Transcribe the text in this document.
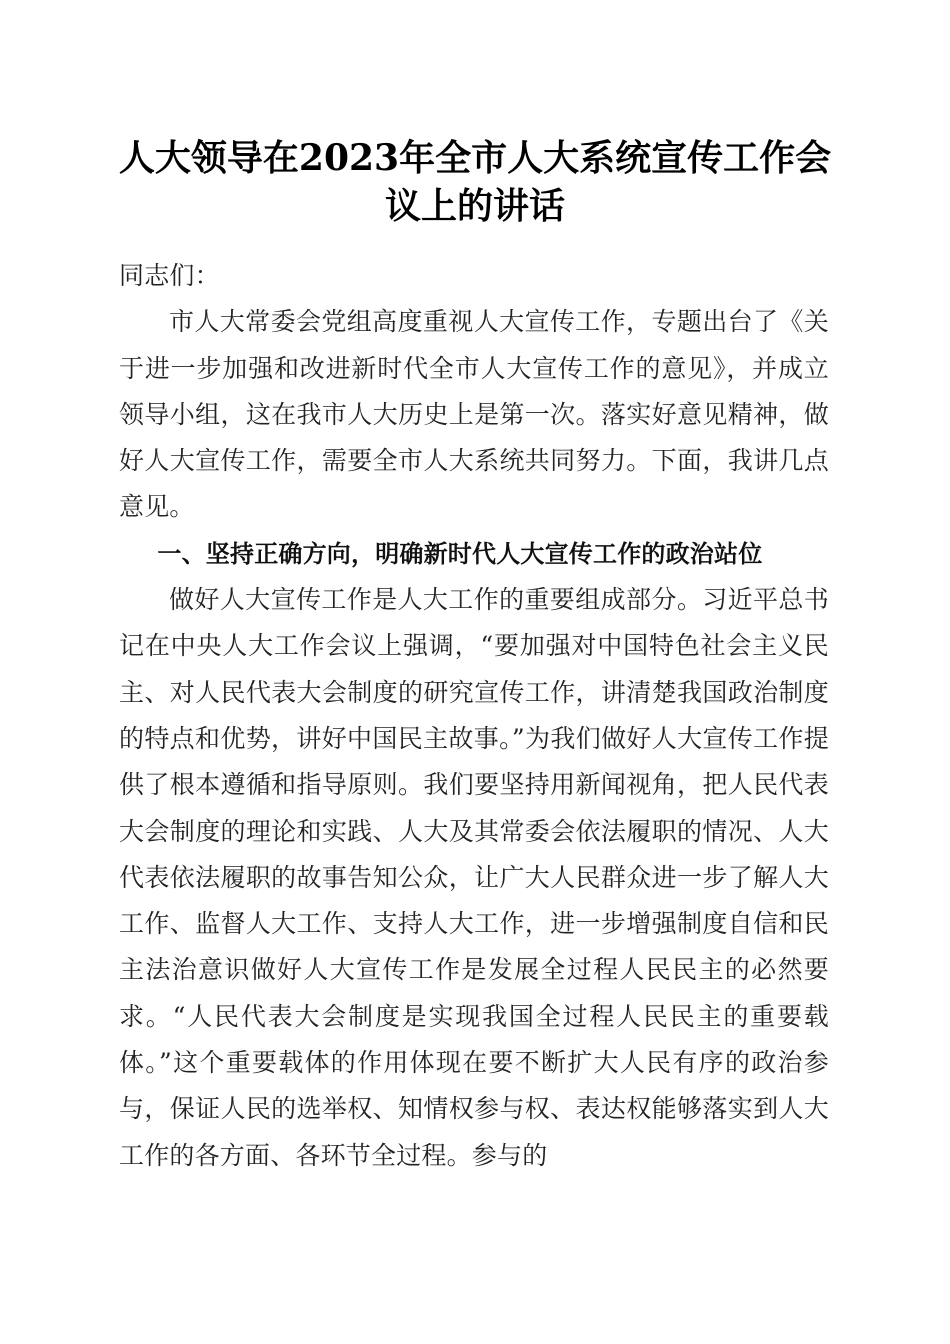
人大领导在2023年全市人大系统宣传工作会
议上的讲话

同志们：

市人大常委会党组高度重视人大宣传工作，专题出台了《关于进一步加强和改进新时代全市人大宣传工作的意见》，并成立领导小组，这在我市人大历史上是第一次。落实好意见精神，做好人大宣传工作，需要全市人大系统共同努力。下面，我讲几点意见。

一、坚持正确方向，明确新时代人大宣传工作的政治站位

做好人大宣传工作是人大工作的重要组成部分。习近平总书记在中央人大工作会议上强调，“要加强对中国特色社会主义民主、对人民代表大会制度的研究宣传工作，讲清楚我国政治制度的特点和优势，讲好中国民主故事。”为我们做好人大宣传工作提供了根本遵循和指导原则。我们要坚持用新闻视角，把人民代表大会制度的理论和实践、人大及其常委会依法履职的情况、人大代表依法履职的故事告知公众，让广大人民群众进一步了解人大工作、监督人大工作、支持人大工作，进一步增强制度自信和民主法治意识做好人大宣传工作是发展全过程人民民主的必然要求。“人民代表大会制度是实现我国全过程人民民主的重要载体。”这个重要载体的作用体现在要不断扩大人民有序的政治参与，保证人民的选举权、知情权参与权、表达权能够落实到人大工作的各方面、各环节全过程。参与的
